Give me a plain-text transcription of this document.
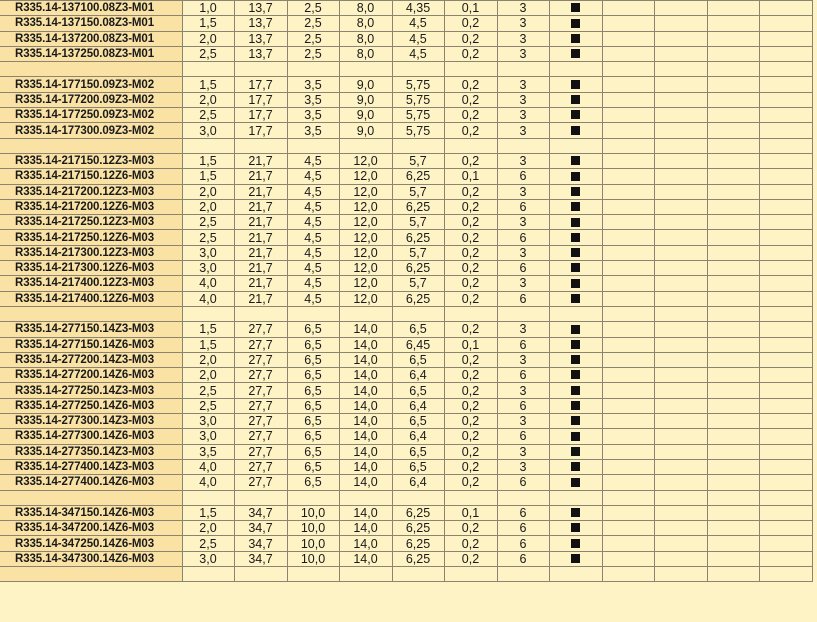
R335.14-137100.08Z3-M01	1,0	13,7	2,5	8,0	4,35	0,1	3					
R335.14-137150.08Z3-M01	1,5	13,7	2,5	8,0	4,5	0,2	3					
R335.14-137200.08Z3-M01	2,0	13,7	2,5	8,0	4,5	0,2	3					
R335.14-137250.08Z3-M01	2,5	13,7	2,5	8,0	4,5	0,2	3					

R335.14-177150.09Z3-M02	1,5	17,7	3,5	9,0	5,75	0,2	3					
R335.14-177200.09Z3-M02	2,0	17,7	3,5	9,0	5,75	0,2	3					
R335.14-177250.09Z3-M02	2,5	17,7	3,5	9,0	5,75	0,2	3					
R335.14-177300.09Z3-M02	3,0	17,7	3,5	9,0	5,75	0,2	3					

R335.14-217150.12Z3-M03	1,5	21,7	4,5	12,0	5,7	0,2	3					
R335.14-217150.12Z6-M03	1,5	21,7	4,5	12,0	6,25	0,1	6					
R335.14-217200.12Z3-M03	2,0	21,7	4,5	12,0	5,7	0,2	3					
R335.14-217200.12Z6-M03	2,0	21,7	4,5	12,0	6,25	0,2	6					
R335.14-217250.12Z3-M03	2,5	21,7	4,5	12,0	5,7	0,2	3					
R335.14-217250.12Z6-M03	2,5	21,7	4,5	12,0	6,25	0,2	6					
R335.14-217300.12Z3-M03	3,0	21,7	4,5	12,0	5,7	0,2	3					
R335.14-217300.12Z6-M03	3,0	21,7	4,5	12,0	6,25	0,2	6					
R335.14-217400.12Z3-M03	4,0	21,7	4,5	12,0	5,7	0,2	3					
R335.14-217400.12Z6-M03	4,0	21,7	4,5	12,0	6,25	0,2	6					

R335.14-277150.14Z3-M03	1,5	27,7	6,5	14,0	6,5	0,2	3					
R335.14-277150.14Z6-M03	1,5	27,7	6,5	14,0	6,45	0,1	6					
R335.14-277200.14Z3-M03	2,0	27,7	6,5	14,0	6,5	0,2	3					
R335.14-277200.14Z6-M03	2,0	27,7	6,5	14,0	6,4	0,2	6					
R335.14-277250.14Z3-M03	2,5	27,7	6,5	14,0	6,5	0,2	3					
R335.14-277250.14Z6-M03	2,5	27,7	6,5	14,0	6,4	0,2	6					
R335.14-277300.14Z3-M03	3,0	27,7	6,5	14,0	6,5	0,2	3					
R335.14-277300.14Z6-M03	3,0	27,7	6,5	14,0	6,4	0,2	6					
R335.14-277350.14Z3-M03	3,5	27,7	6,5	14,0	6,5	0,2	3					
R335.14-277400.14Z3-M03	4,0	27,7	6,5	14,0	6,5	0,2	3					
R335.14-277400.14Z6-M03	4,0	27,7	6,5	14,0	6,4	0,2	6					

R335.14-347150.14Z6-M03	1,5	34,7	10,0	14,0	6,25	0,1	6					
R335.14-347200.14Z6-M03	2,0	34,7	10,0	14,0	6,25	0,2	6					
R335.14-347250.14Z6-M03	2,5	34,7	10,0	14,0	6,25	0,2	6					
R335.14-347300.14Z6-M03	3,0	34,7	10,0	14,0	6,25	0,2	6					
